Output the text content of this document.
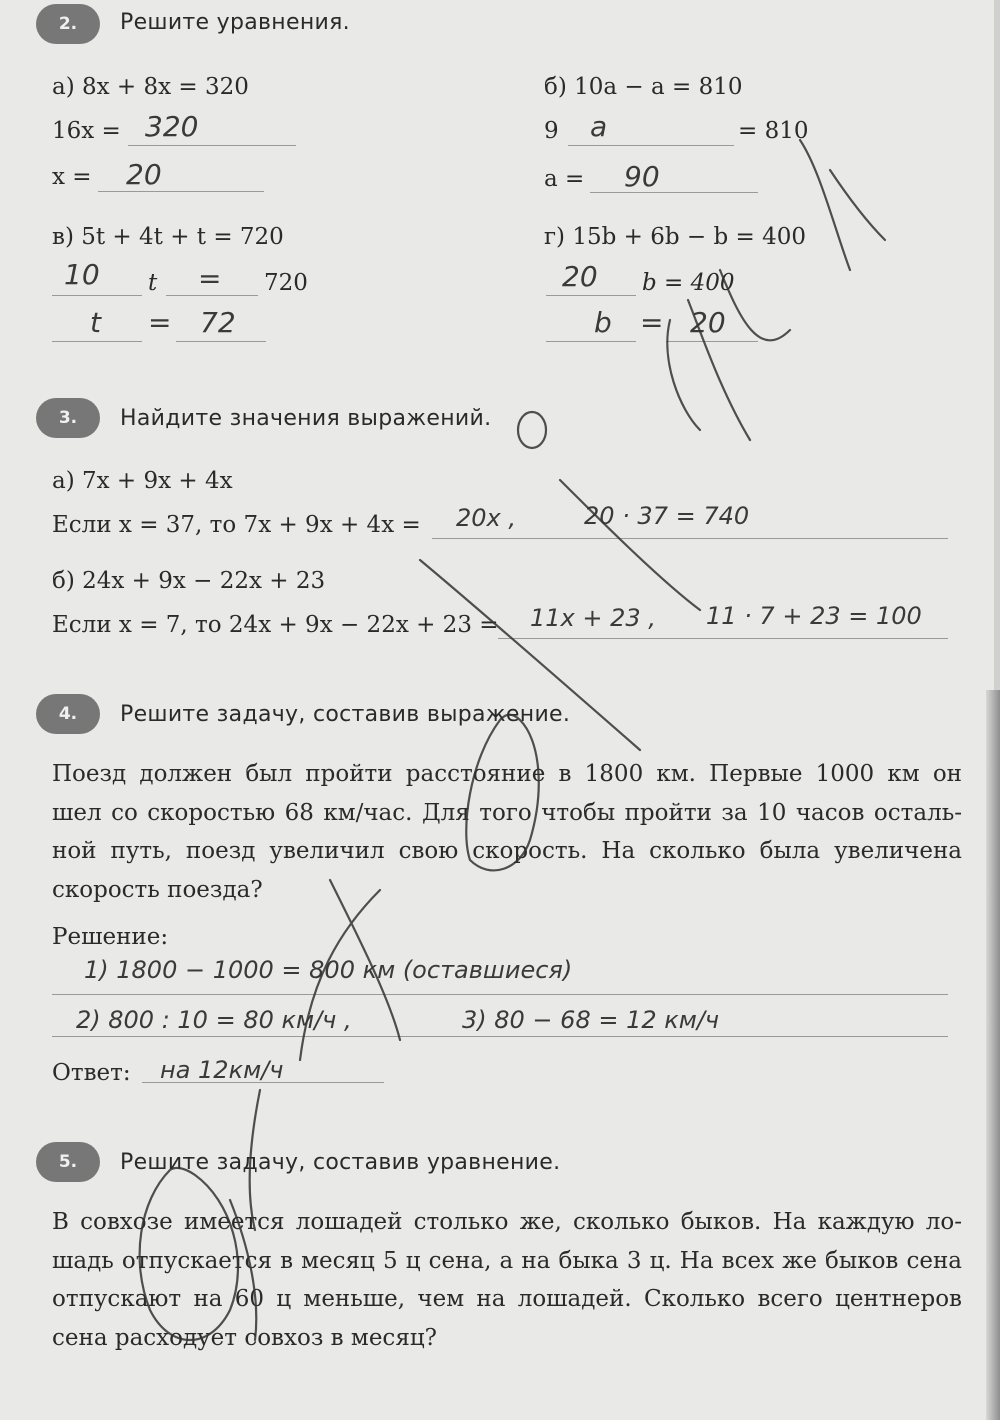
2.	Решите уравнения.
а) 8x + 8x = 320
16x = 320
x = 20
б) 10a − a = 810
9 a	= 810
a = 90
в) 5t + 4t + t = 720
10 t = 720
t = 72
г) 15b + 6b − b = 400
20 b = 400
b = 20
3.	Найдите значения выражений.
а) 7x + 9x + 4x
Если x = 37, то 7x + 9x + 4x = 20x ,	20 · 37 = 740
б) 24x + 9x − 22x + 23
Если x = 7, то 24x + 9x − 22x + 23 = 11x + 23 , 11 · 7 + 23 = 100
4.	Решите задачу, составив выражение.
Поезд должен был пройти расстояние в 1800 км. Первые 1000 км он
шел со скоростью 68 км/час. Для того чтобы пройти за 10 часов осталь-
ной путь, поезд увеличил свою скорость. На сколько была увеличена
скорость поезда?
Решение:
1) 1800 − 1000 = 800 км (оставшиеся)
2) 800 : 10 = 80 км/ч ,	3) 80 − 68 = 12 км/ч
Ответ: на 12км/ч
5.	Решите задачу, составив уравнение.
В совхозе имеется лошадей столько же, сколько быков. На каждую ло-
шадь отпускается в месяц 5 ц сена, а на быка 3 ц. На всех же быков сена
отпускают на 60 ц меньше, чем на лошадей. Сколько всего центнеров
сена расходует совхоз в месяц?
